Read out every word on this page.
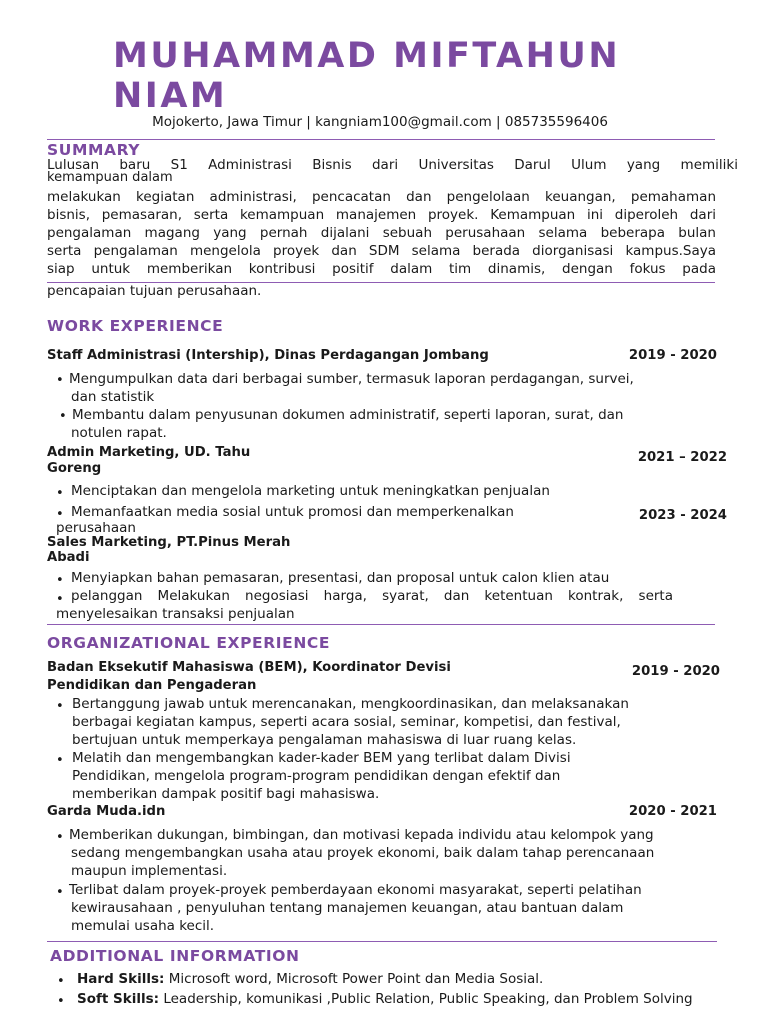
MUHAMMAD MIFTAHUN NIAM
Mojokerto, Jawa Timur | kangniam100@gmail.com | 085735596406
SUMMARY
Lulusan baru S1 Administrasi Bisnis dari Universitas Darul Ulum yang memiliki
kemampuan dalam
melakukan kegiatan administrasi, pencacatan dan pengelolaan keuangan, pemahaman
bisnis, pemasaran, serta kemampuan manajemen proyek. Kemampuan ini diperoleh dari
pengalaman magang yang pernah dijalani sebuah perusahaan selama beberapa bulan
serta pengalaman mengelola proyek dan SDM selama berada diorganisasi kampus.Saya
siap untuk memberikan kontribusi positif dalam tim dinamis, dengan fokus pada
pencapaian tujuan perusahaan.
WORK EXPERIENCE
Staff Administrasi (Intership), Dinas Perdagangan Jombang	2019 - 2020
• Mengumpulkan data dari berbagai sumber, termasuk laporan perdagangan, survei,
dan statistik
• Membantu dalam penyusunan dokumen administratif, seperti laporan, surat, dan
notulen rapat.
Admin Marketing, UD. Tahu
Goreng
2021 – 2022
• Menciptakan dan mengelola marketing untuk meningkatkan penjualan
• Memanfaatkan media sosial untuk promosi dan memperkenalkan
perusahaan
2023 - 2024
Sales Marketing, PT.Pinus Merah
Abadi
• Menyiapkan bahan pemasaran, presentasi, dan proposal untuk calon klien atau
• pelanggan Melakukan negosiasi harga, syarat, dan ketentuan kontrak, serta
menyelesaikan transaksi penjualan
ORGANIZATIONAL EXPERIENCE
Badan Eksekutif Mahasiswa (BEM), Koordinator Devisi
Pendidikan dan Pengaderan
2019 - 2020
• Bertanggung jawab untuk merencanakan, mengkoordinasikan, dan melaksanakan
berbagai kegiatan kampus, seperti acara sosial, seminar, kompetisi, dan festival,
bertujuan untuk memperkaya pengalaman mahasiswa di luar ruang kelas.
• Melatih dan mengembangkan kader-kader BEM yang terlibat dalam Divisi
Pendidikan, mengelola program-program pendidikan dengan efektif dan
memberikan dampak positif bagi mahasiswa.
Garda Muda.idn	2020 - 2021
• Memberikan dukungan, bimbingan, dan motivasi kepada individu atau kelompok yang
sedang mengembangkan usaha atau proyek ekonomi, baik dalam tahap perencanaan
maupun implementasi.
• Terlibat dalam proyek-proyek pemberdayaan ekonomi masyarakat, seperti pelatihan
kewirausahaan , penyuluhan tentang manajemen keuangan, atau bantuan dalam
memulai usaha kecil.
ADDITIONAL INFORMATION
• Hard Skills: Microsoft word, Microsoft Power Point dan Media Sosial.
• Soft Skills: Leadership, komunikasi ,Public Relation, Public Speaking, dan Problem Solving
